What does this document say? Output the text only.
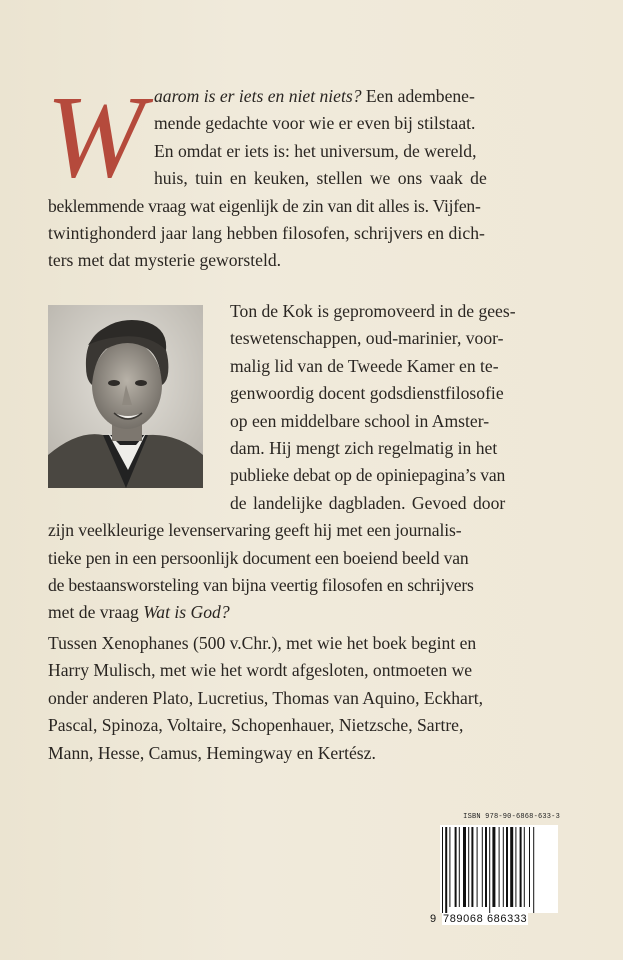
W aarom is er iets en niet niets? Een adembene-
mende gedachte voor wie er even bij stilstaat.
En omdat er iets is: het universum, de wereld,
huis, tuin en keuken, stellen we ons vaak de
beklemmende vraag wat eigenlijk de zin van dit alles is. Vijfen-
twintighonderd jaar lang hebben filosofen, schrijvers en dich-
ters met dat mysterie geworsteld.
Ton de Kok is gepromoveerd in de gees-
teswetenschappen, oud-marinier, voor-
malig lid van de Tweede Kamer en te-
genwoordig docent godsdienstfilosofie
op een middelbare school in Amster-
dam. Hij mengt zich regelmatig in het
publieke debat op de opiniepagina’s van
de landelijke dagbladen. Gevoed door
zijn veelkleurige levenservaring geeft hij met een journalis-
tieke pen in een persoonlijk document een boeiend beeld van
de bestaansworsteling van bijna veertig filosofen en schrijvers
met de vraag Wat is God?
Tussen Xenophanes (500 v.Chr.), met wie het boek begint en
Harry Mulisch, met wie het wordt afgesloten, ontmoeten we
onder anderen Plato, Lucretius, Thomas van Aquino, Eckhart,
Pascal, Spinoza, Voltaire, Schopenhauer, Nietzsche, Sartre,
Mann, Hesse, Camus, Hemingway en Kertész.
ISBN 978-90-6868-633-3
9 789068 686333
